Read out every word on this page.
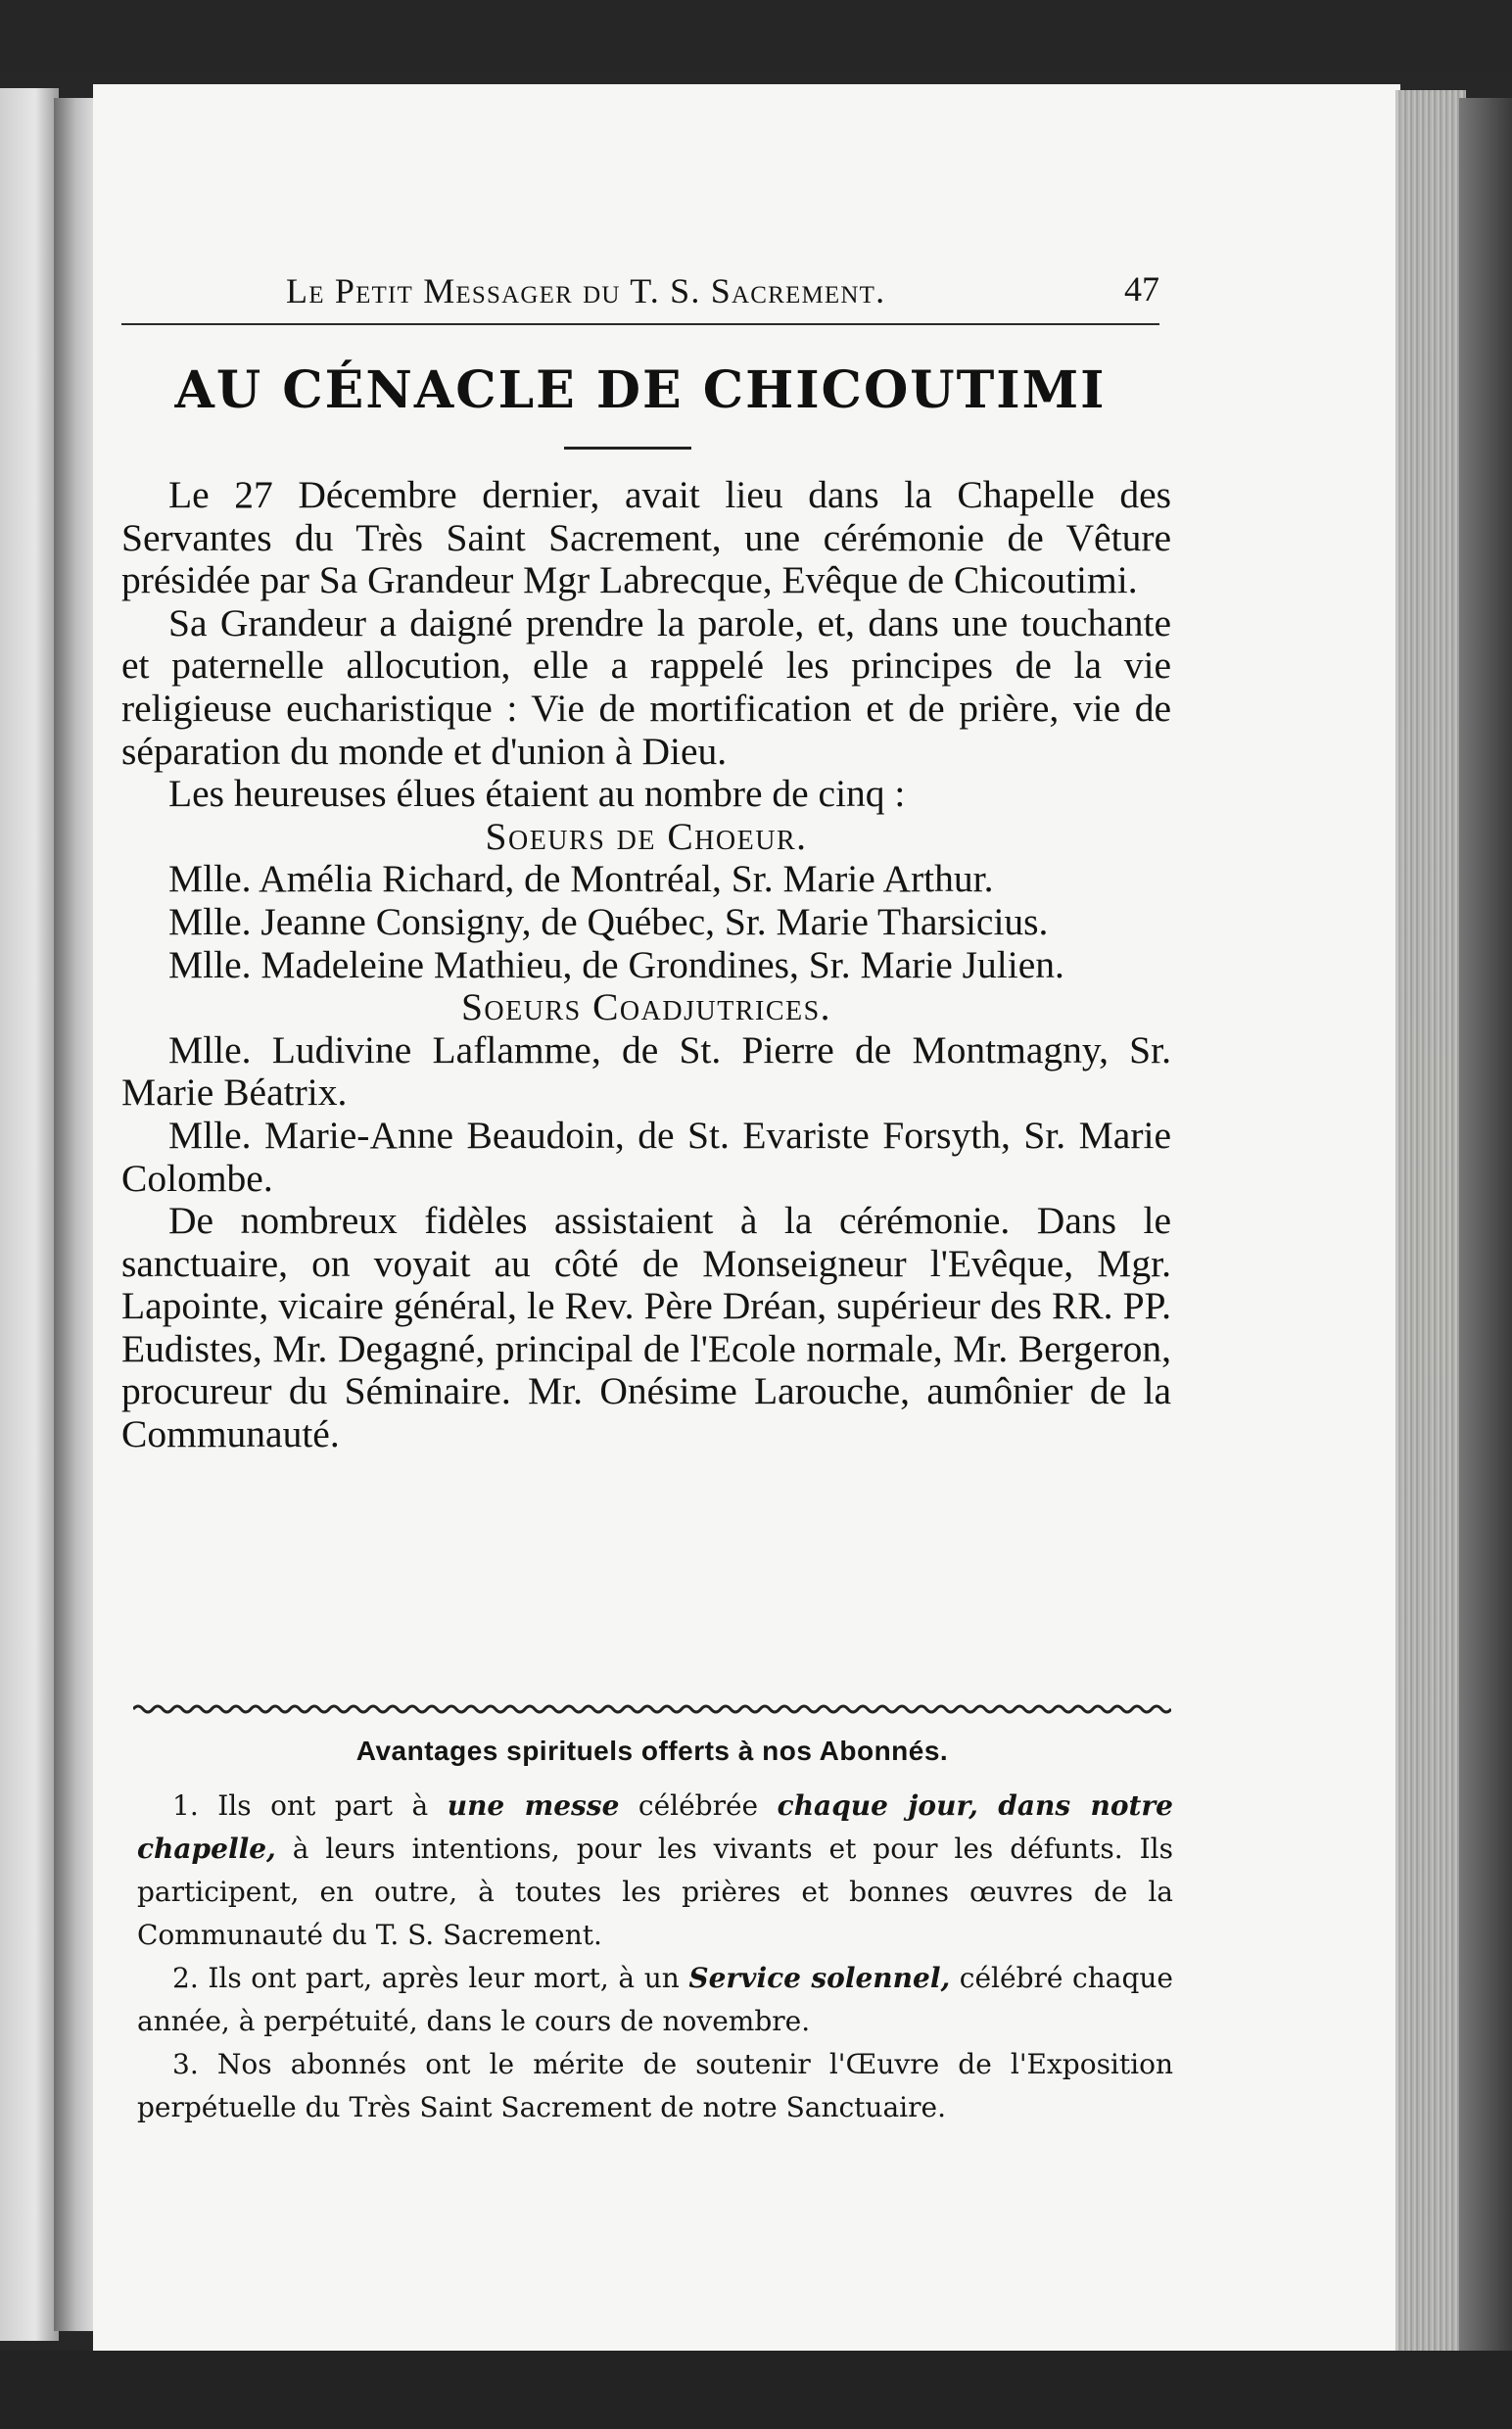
Le Petit Messager du T. S. Sacrement.	47
AU CÉNACLE DE CHICOUTIMI

Le 27 Décembre dernier, avait lieu dans la Chapelle des Servantes du Très Saint Sacrement, une cérémonie de Vêture présidée par Sa Grandeur Mgr Labrecque, Evêque de Chicoutimi.

Sa Grandeur a daigné prendre la parole, et, dans une touchante et paternelle allocution, elle a rappelé les principes de la vie religieuse eucharistique : Vie de mortification et de prière, vie de séparation du monde et d'union à Dieu.

Les heureuses élues étaient au nombre de cinq :

Soeurs de Choeur.

Mlle. Amélia Richard, de Montréal, Sr. Marie Arthur.

Mlle. Jeanne Consigny, de Québec, Sr. Marie Tharsicius.

Mlle. Madeleine Mathieu, de Grondines, Sr. Marie Julien.

Soeurs Coadjutrices.

Mlle. Ludivine Laflamme, de St. Pierre de Montmagny, Sr. Marie Béatrix.

Mlle. Marie-Anne Beaudoin, de St. Evariste Forsyth, Sr. Marie Colombe.

De nombreux fidèles assistaient à la cérémonie. Dans le sanctuaire, on voyait au côté de Monseigneur l'Evêque, Mgr. Lapointe, vicaire général, le Rev. Père Dréan, supérieur des RR. PP. Eudistes, Mr. Degagné, principal de l'Ecole normale, Mr. Bergeron, procureur du Séminaire. Mr. Onésime Larouche, aumônier de la Communauté.

Avantages spirituels offerts à nos Abonnés.

1. Ils ont part à une messe célébrée chaque jour, dans notre chapelle, à leurs intentions, pour les vivants et pour les défunts. Ils participent, en outre, à toutes les prières et bonnes œuvres de la Communauté du T. S. Sacrement.

2. Ils ont part, après leur mort, à un Service solennel, célébré chaque année, à perpétuité, dans le cours de novembre.

3. Nos abonnés ont le mérite de soutenir l'Œuvre de l'Exposition perpétuelle du Très Saint Sacrement de notre Sanctuaire.
